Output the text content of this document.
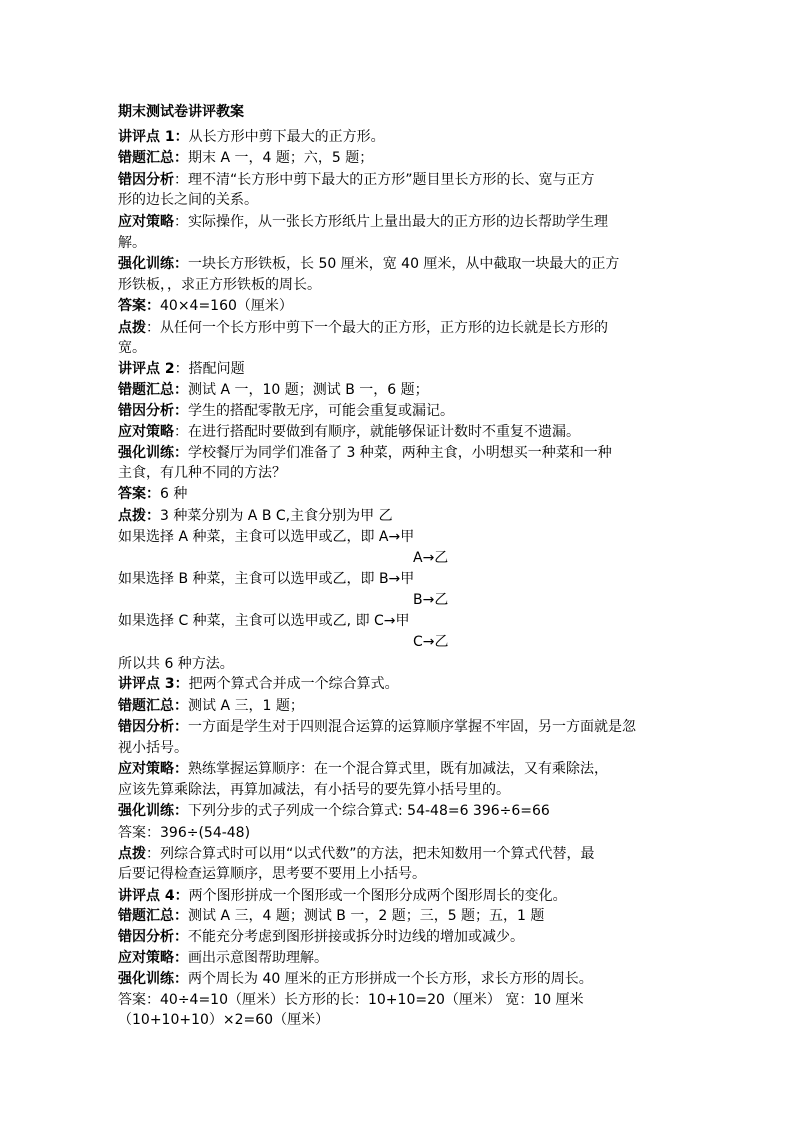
期末测试卷讲评教案
讲评点 1：从长方形中剪下最大的正方形。
错题汇总：期末 A 一，4 题；六，5 题；
错因分析：理不清“长方形中剪下最大的正方形”题目里长方形的长、宽与正方
形的边长之间的关系。
应对策略：实际操作，从一张长方形纸片上量出最大的正方形的边长帮助学生理
解。
强化训练：一块长方形铁板，长 50 厘米，宽 40 厘米，从中截取一块最大的正方
形铁板，，求正方形铁板的周长。
答案：40×4=160（厘米）
点拨：从任何一个长方形中剪下一个最大的正方形，正方形的边长就是长方形的
宽。
讲评点 2：搭配问题
错题汇总：测试 A 一，10 题；测试 B 一，6 题；
错因分析：学生的搭配零散无序，可能会重复或漏记。
应对策略：在进行搭配时要做到有顺序，就能够保证计数时不重复不遗漏。
强化训练：学校餐厅为同学们准备了 3 种菜，两种主食，小明想买一种菜和一种
主食，有几种不同的方法？
答案：6 种
点拨：3 种菜分别为 A B C,主食分别为甲 乙
如果选择 A 种菜，主食可以选甲或乙，即 A→甲
A→乙
如果选择 B 种菜，主食可以选甲或乙，即 B→甲
B→乙
如果选择 C 种菜，主食可以选甲或乙, 即 C→甲
C→乙
所以共 6 种方法。
讲评点 3：把两个算式合并成一个综合算式。
错题汇总：测试 A 三，1 题；
错因分析：一方面是学生对于四则混合运算的运算顺序掌握不牢固，另一方面就是忽
视小括号。
应对策略：熟练掌握运算顺序：在一个混合算式里，既有加减法，又有乘除法，
应该先算乘除法，再算加减法，有小括号的要先算小括号里的。
强化训练：下列分步的式子列成一个综合算式: 54-48=6 396÷6=66
答案：396÷(54-48)
点拨：列综合算式时可以用“以式代数”的方法，把未知数用一个算式代替，最
后要记得检查运算顺序，思考要不要用上小括号。
讲评点 4：两个图形拼成一个图形或一个图形分成两个图形周长的变化。
错题汇总：测试 A 三，4 题；测试 B 一，2 题；三，5 题；五，1 题
错因分析：不能充分考虑到图形拼接或拆分时边线的增加或减少。
应对策略：画出示意图帮助理解。
强化训练：两个周长为 40 厘米的正方形拼成一个长方形，求长方形的周长。
答案：40÷4=10（厘米）长方形的长：10+10=20（厘米） 宽：10 厘米
（10+10+10）×2=60（厘米）
